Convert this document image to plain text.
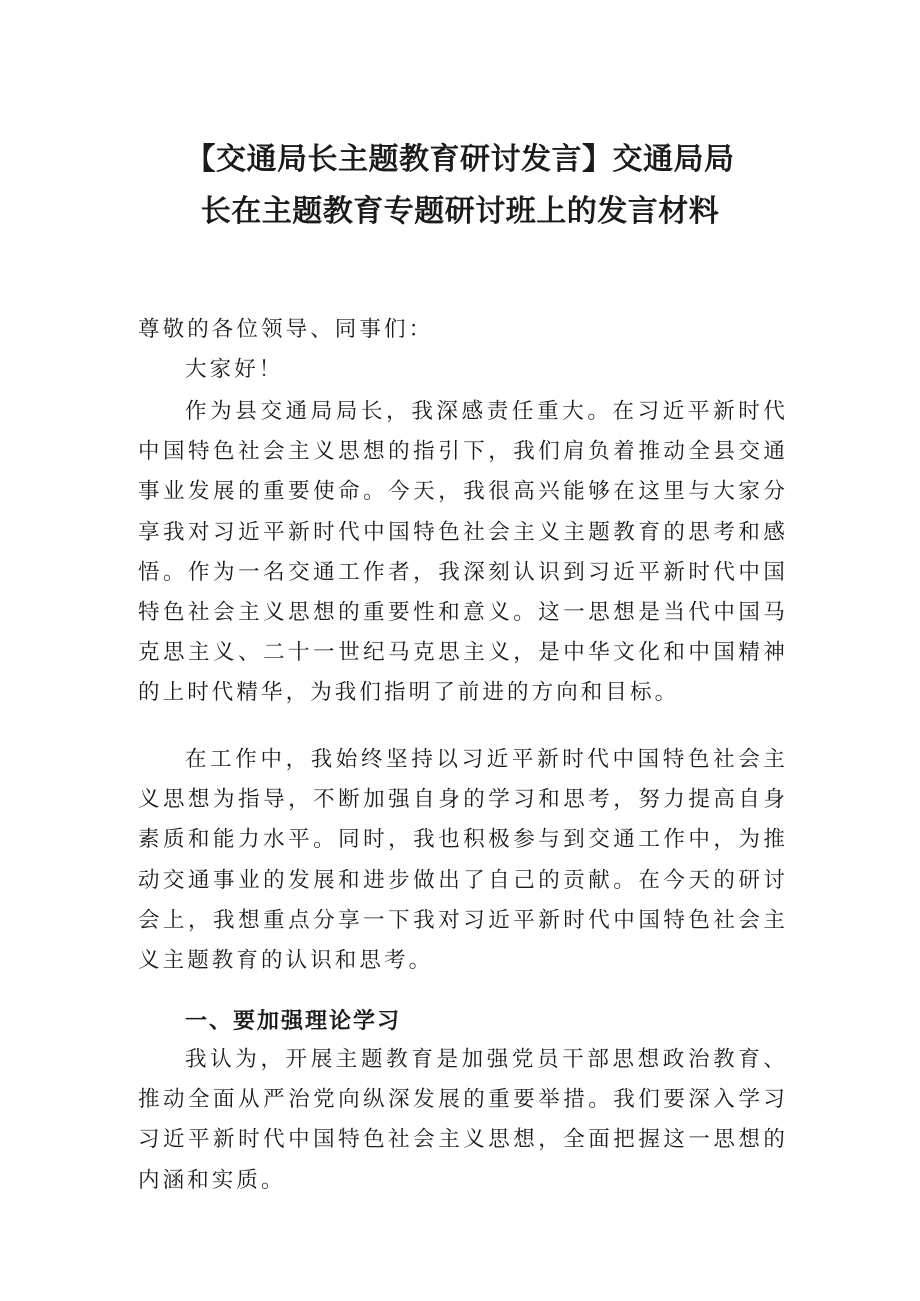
【交通局长主题教育研讨发言】交通局局
长在主题教育专题研讨班上的发言材料

尊敬的各位领导、同事们：

大家好！

作为县交通局局长，我深感责任重大。在习近平新时代中国特色社会主义思想的指引下，我们肩负着推动全县交通事业发展的重要使命。今天，我很高兴能够在这里与大家分享我对习近平新时代中国特色社会主义主题教育的思考和感悟。作为一名交通工作者，我深刻认识到习近平新时代中国特色社会主义思想的重要性和意义。这一思想是当代中国马克思主义、二十一世纪马克思主义，是中华文化和中国精神的上时代精华，为我们指明了前进的方向和目标。

在工作中，我始终坚持以习近平新时代中国特色社会主义思想为指导，不断加强自身的学习和思考，努力提高自身素质和能力水平。同时，我也积极参与到交通工作中，为推动交通事业的发展和进步做出了自己的贡献。在今天的研讨会上，我想重点分享一下我对习近平新时代中国特色社会主义主题教育的认识和思考。

一、要加强理论学习

我认为，开展主题教育是加强党员干部思想政治教育、推动全面从严治党向纵深发展的重要举措。我们要深入学习习近平新时代中国特色社会主义思想，全面把握这一思想的内涵和实质。
